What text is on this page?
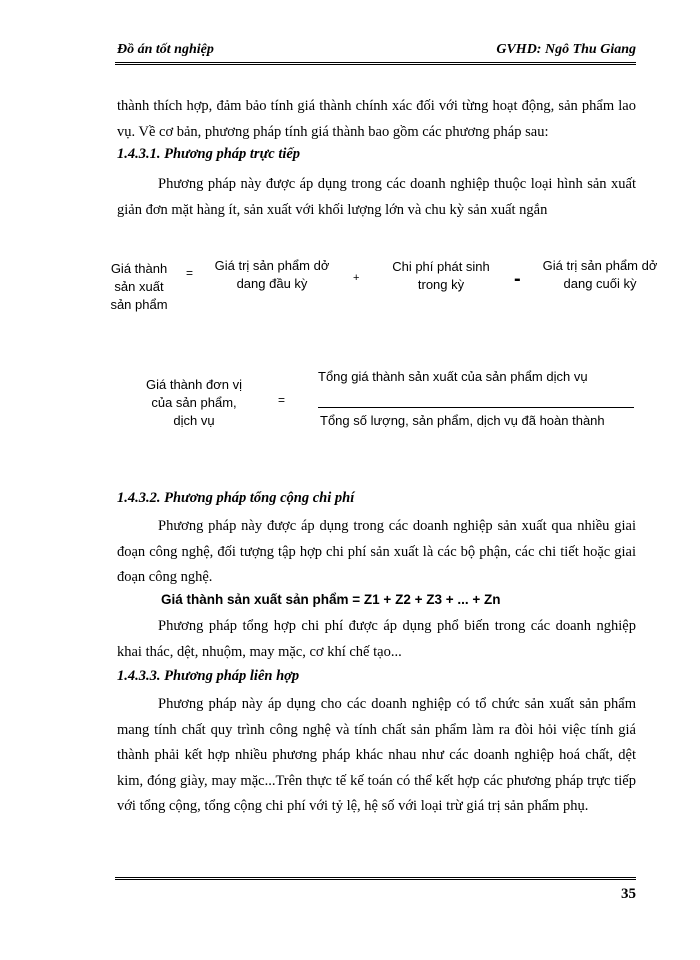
Đồ án tốt nghiệp	GVHD: Ngô Thu Giang
thành thích hợp, đảm bảo tính giá thành chính xác đối với từng hoạt động, sản phẩm lao vụ. Về cơ bản, phương pháp tính giá thành bao gồm các phương pháp sau:
1.4.3.1. Phương pháp trực tiếp
Phương pháp này được áp dụng trong các doanh nghiệp thuộc loại hình sản xuất giản đơn mặt hàng ít, sản xuất với khối lượng lớn và chu kỳ sản xuất ngắn
Giá thành sản xuất sản phẩm
=	Giá trị sản phẩm dở dang đầu kỳ	+
Chi phí phát sinh trong kỳ	-
Giá trị sản phẩm dở dang cuối kỳ
Giá thành đơn vị của sản phẩm, dịch vụ
=
Tổng giá thành sản xuất của sản phẩm dịch vụ
Tổng số lượng, sản phẩm, dịch vụ đã hoàn thành
1.4.3.2. Phương pháp tổng cộng chi phí
Phương pháp này được áp dụng trong các doanh nghiệp sản xuất qua nhiều giai đoạn công nghệ, đối tượng tập hợp chi phí sản xuất là các bộ phận, các chi tiết hoặc giai đoạn công nghệ.
Giá thành sản xuất sản phẩm = Z1 + Z2 + Z3 + ... + Zn
Phương pháp tổng hợp chi phí được áp dụng phổ biến trong các doanh nghiệp khai thác, dệt, nhuộm, may mặc, cơ khí chế tạo...
1.4.3.3. Phương pháp liên hợp
Phương pháp này áp dụng cho các doanh nghiệp có tổ chức sản xuất sản phẩm mang tính chất quy trình công nghệ và tính chất sản phẩm làm ra đòi hỏi việc tính giá thành phải kết hợp nhiều phương pháp khác nhau như các doanh nghiệp hoá chất, dệt kim, đóng giày, may mặc...Trên thực tế kế toán có thể kết hợp các phương pháp trực tiếp với tổng cộng, tổng cộng chi phí với tỷ lệ, hệ số với loại trừ giá trị sản phẩm phụ.
35
